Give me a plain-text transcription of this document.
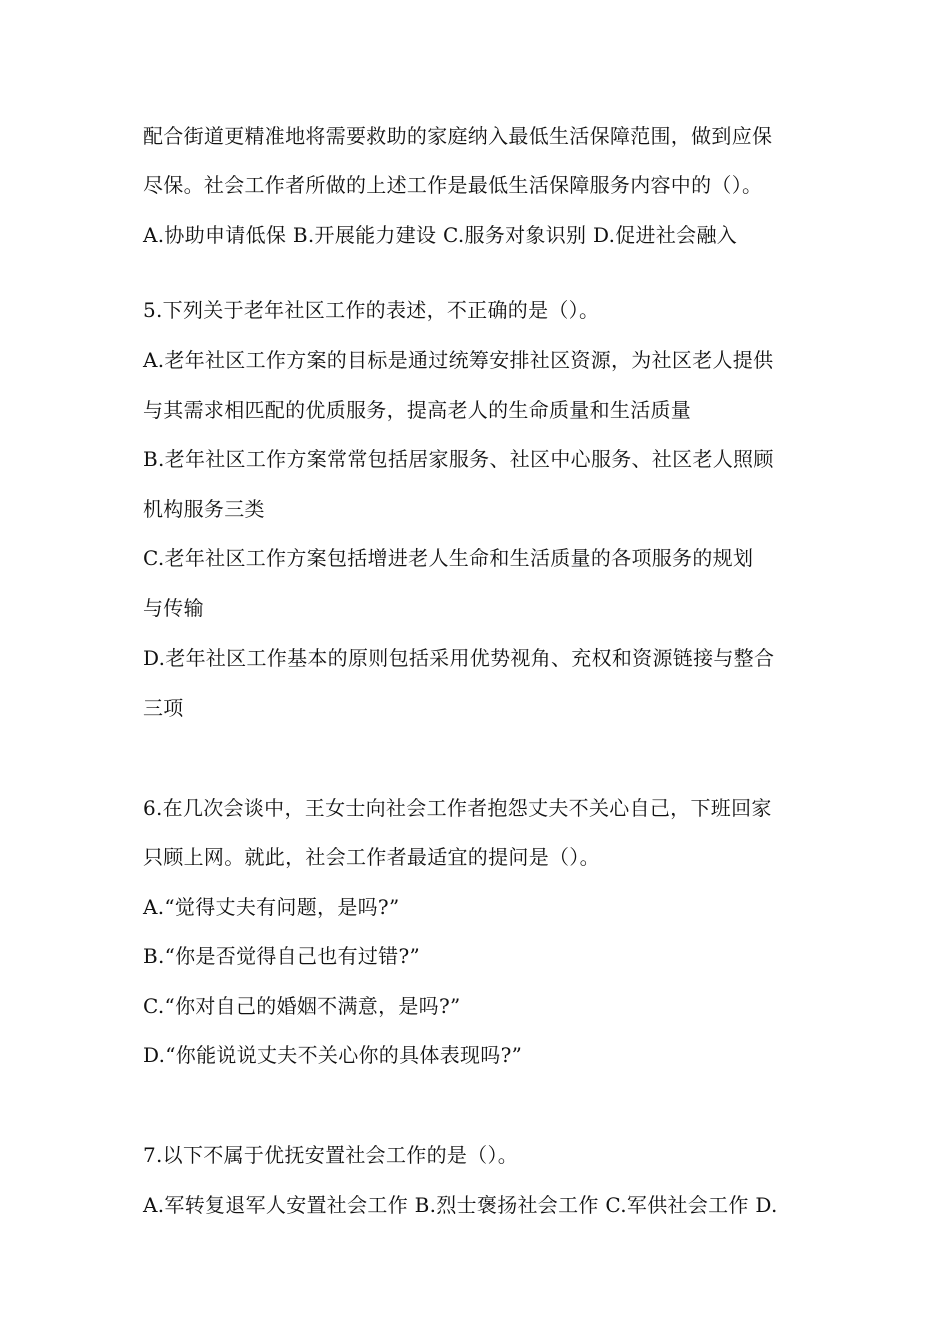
配合街道更精准地将需要救助的家庭纳入最低生活保障范围，做到应保
尽保。社会工作者所做的上述工作是最低生活保障服务内容中的（）。
A.协助申请低保 B.开展能力建设 C.服务对象识别 D.促进社会融入
5.下列关于老年社区工作的表述，不正确的是（）。
A.老年社区工作方案的目标是通过统筹安排社区资源，为社区老人提供
与其需求相匹配的优质服务，提高老人的生命质量和生活质量
B.老年社区工作方案常常包括居家服务、社区中心服务、社区老人照顾
机构服务三类
C.老年社区工作方案包括增进老人生命和生活质量的各项服务的规划
与传输
D.老年社区工作基本的原则包括采用优势视角、充权和资源链接与整合
三项
6.在几次会谈中，王女士向社会工作者抱怨丈夫不关心自己，下班回家
只顾上网。就此，社会工作者最适宜的提问是（）。
A.“觉得丈夫有问题，是吗?”
B.“你是否觉得自己也有过错?”
C.“你对自己的婚姻不满意，是吗?”
D.“你能说说丈夫不关心你的具体表现吗?”
7.以下不属于优抚安置社会工作的是（）。
A.军转复退军人安置社会工作 B.烈士褒扬社会工作 C.军供社会工作 D.
